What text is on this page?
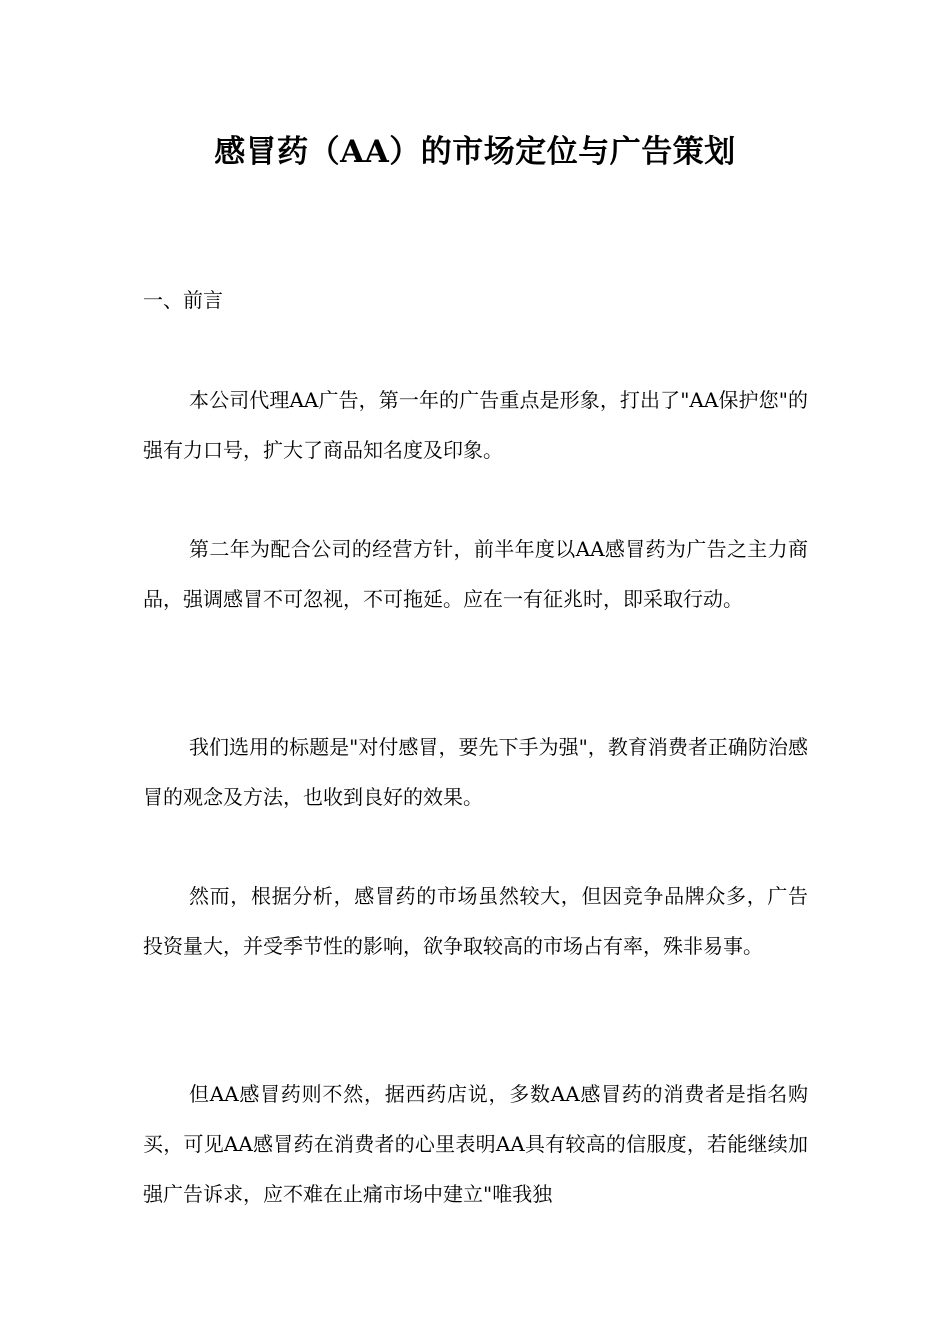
感冒药（AA）的市场定位与广告策划

一、前言

本公司代理AA广告，第一年的广告重点是形象，打出了"AA保护您"的强有力口号，扩大了商品知名度及印象。

第二年为配合公司的经营方针，前半年度以AA感冒药为广告之主力商品，强调感冒不可忽视，不可拖延。应在一有征兆时，即采取行动。

我们选用的标题是"对付感冒，要先下手为强"，教育消费者正确防治感冒的观念及方法，也收到良好的效果。

然而，根据分析，感冒药的市场虽然较大，但因竞争品牌众多，广告投资量大，并受季节性的影响，欲争取较高的市场占有率，殊非易事。

但AA感冒药则不然，据西药店说，多数AA感冒药的消费者是指名购买，可见AA感冒药在消费者的心里表明AA具有较高的信服度，若能继续加强广告诉求，应不难在止痛市场中建立"唯我独
